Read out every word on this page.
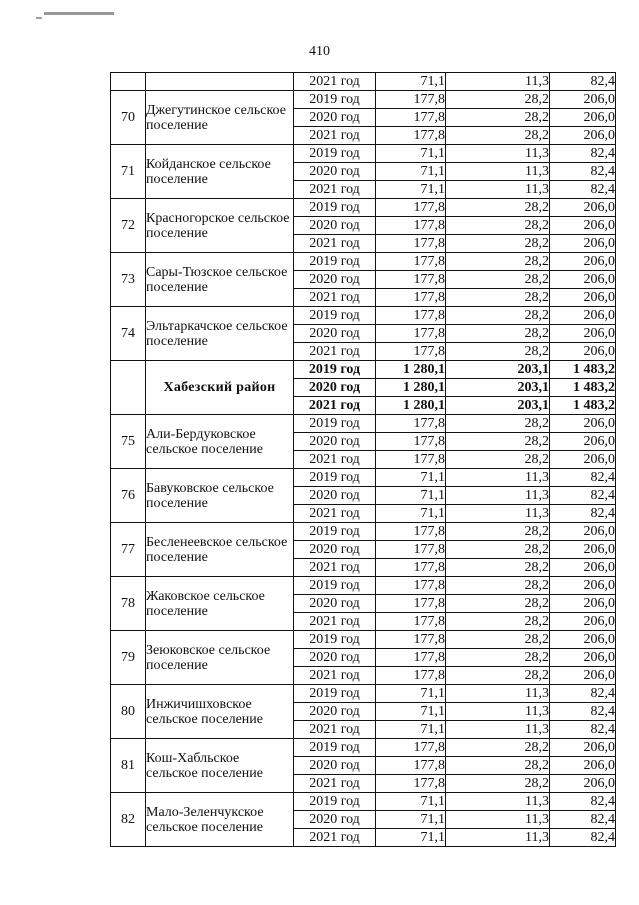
410
		2021 год	71,1	11,3	82,4
70	Джегутинское сельское поселение	2019 год	177,8	28,2	206,0
		2020 год	177,8	28,2	206,0
		2021 год	177,8	28,2	206,0
71	Койданское сельское поселение	2019 год	71,1	11,3	82,4
		2020 год	71,1	11,3	82,4
		2021 год	71,1	11,3	82,4
72	Красногорское сельское поселение	2019 год	177,8	28,2	206,0
		2020 год	177,8	28,2	206,0
		2021 год	177,8	28,2	206,0
73	Сары-Тюзское сельское поселение	2019 год	177,8	28,2	206,0
		2020 год	177,8	28,2	206,0
		2021 год	177,8	28,2	206,0
74	Эльтаркачское сельское поселение	2019 год	177,8	28,2	206,0
		2020 год	177,8	28,2	206,0
		2021 год	177,8	28,2	206,0
	Хабезский район	2019 год	1 280,1	203,1	1 483,2
		2020 год	1 280,1	203,1	1 483,2
		2021 год	1 280,1	203,1	1 483,2
75	Али-Бердуковское сельское поселение	2019 год	177,8	28,2	206,0
		2020 год	177,8	28,2	206,0
		2021 год	177,8	28,2	206,0
76	Бавуковское сельское поселение	2019 год	71,1	11,3	82,4
		2020 год	71,1	11,3	82,4
		2021 год	71,1	11,3	82,4
77	Бесленеевское сельское поселение	2019 год	177,8	28,2	206,0
		2020 год	177,8	28,2	206,0
		2021 год	177,8	28,2	206,0
78	Жаковское сельское поселение	2019 год	177,8	28,2	206,0
		2020 год	177,8	28,2	206,0
		2021 год	177,8	28,2	206,0
79	Зеюковское сельское поселение	2019 год	177,8	28,2	206,0
		2020 год	177,8	28,2	206,0
		2021 год	177,8	28,2	206,0
80	Инжичишховское сельское поселение	2019 год	71,1	11,3	82,4
		2020 год	71,1	11,3	82,4
		2021 год	71,1	11,3	82,4
81	Кош-Хабльское сельское поселение	2019 год	177,8	28,2	206,0
		2020 год	177,8	28,2	206,0
		2021 год	177,8	28,2	206,0
82	Мало-Зеленчукское сельское поселение	2019 год	71,1	11,3	82,4
		2020 год	71,1	11,3	82,4
		2021 год	71,1	11,3	82,4
